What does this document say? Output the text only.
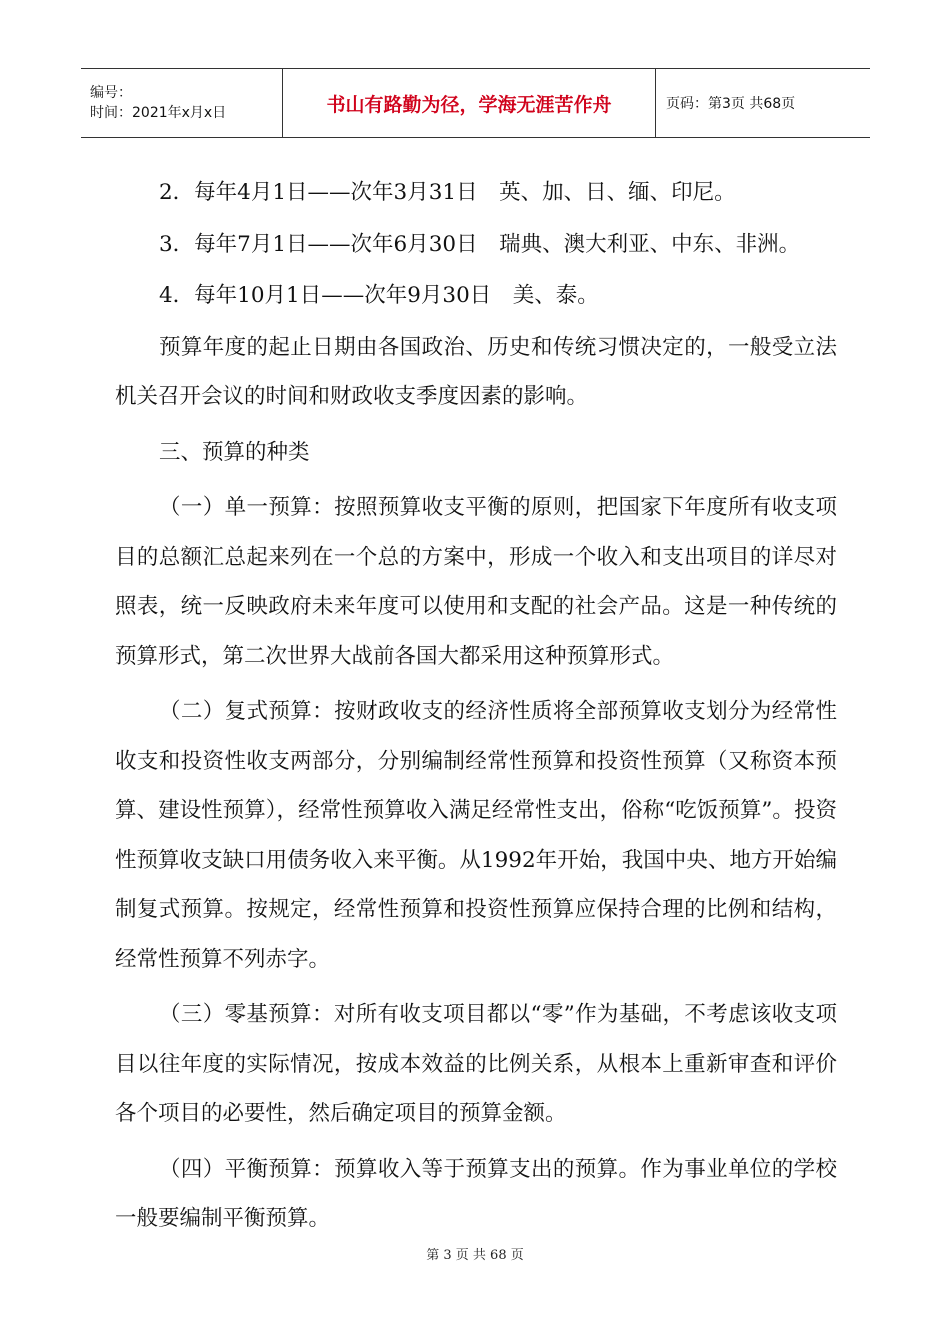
编号：
时间：2021年x月x日	书山有路勤为径，学海无涯苦作舟	页码：第3页 共68页

2．每年4月1日——次年3月31日　英、加、日、缅、印尼。

3．每年7月1日——次年6月30日　瑞典、澳大利亚、中东、非洲。

4．每年10月1日——次年9月30日　美、泰。

预算年度的起止日期由各国政治、历史和传统习惯决定的，一般受立法机关召开会议的时间和财政收支季度因素的影响。

三、预算的种类

（一）单一预算：按照预算收支平衡的原则，把国家下年度所有收支项目的总额汇总起来列在一个总的方案中，形成一个收入和支出项目的详尽对照表，统一反映政府未来年度可以使用和支配的社会产品。这是一种传统的预算形式，第二次世界大战前各国大都采用这种预算形式。

（二）复式预算：按财政收支的经济性质将全部预算收支划分为经常性收支和投资性收支两部分，分别编制经常性预算和投资性预算（又称资本预算、建设性预算），经常性预算收入满足经常性支出，俗称“吃饭预算”。投资性预算收支缺口用债务收入来平衡。从1992年开始，我国中央、地方开始编制复式预算。按规定，经常性预算和投资性预算应保持合理的比例和结构，经常性预算不列赤字。

（三）零基预算：对所有收支项目都以“零”作为基础，不考虑该收支项目以往年度的实际情况，按成本效益的比例关系，从根本上重新审查和评价各个项目的必要性，然后确定项目的预算金额。

（四）平衡预算：预算收入等于预算支出的预算。作为事业单位的学校一般要编制平衡预算。

第 3 页 共 68 页
